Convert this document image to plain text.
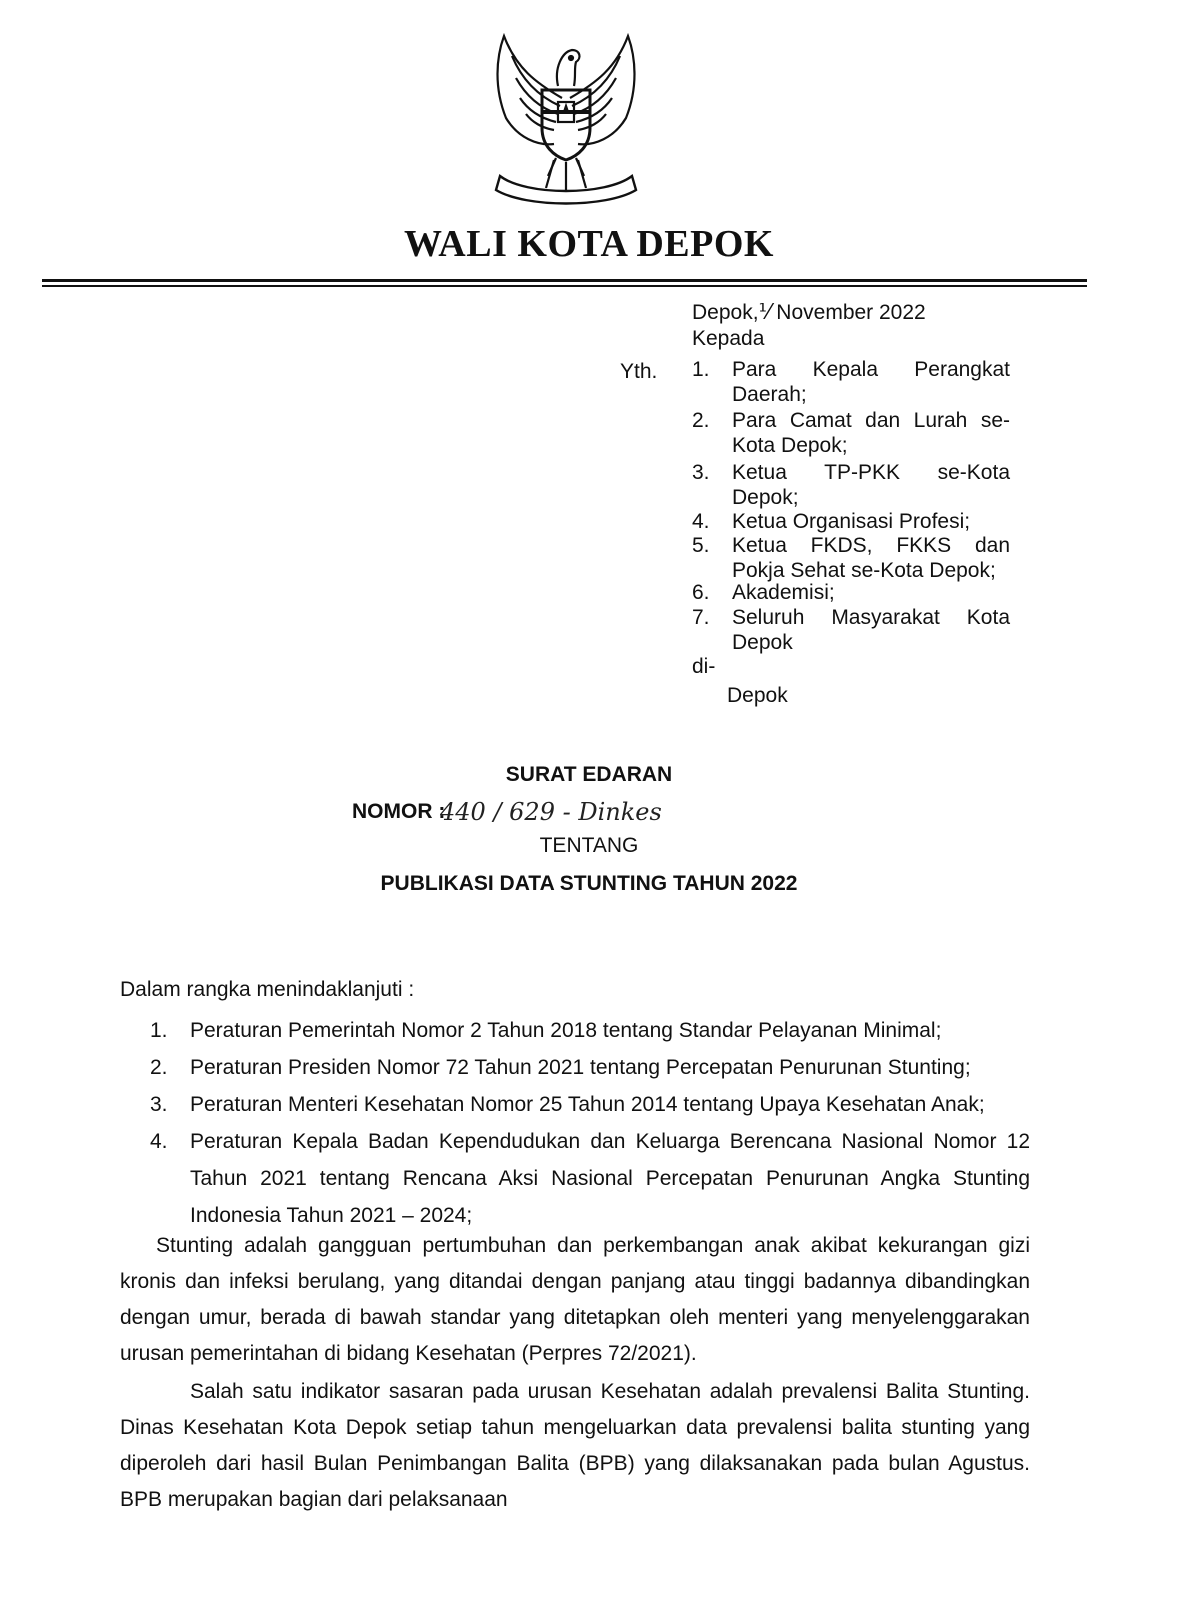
WALI KOTA DEPOK
Depok,⅟ November 2022
Kepada
Yth. 1.	Para Kepala Perangkat
Daerah;
2.	Para Camat dan Lurah se-
Kota Depok;
3.	Ketua TP-PKK se-Kota
Depok;
4.	Ketua Organisasi Profesi;
5.	Ketua FKDS, FKKS dan
Pokja Sehat se-Kota Depok;
6.	Akademisi;
7.	Seluruh Masyarakat Kota
Depok
di-
Depok
SURAT EDARAN
NOMOR :
440 / 629 - Dinkes
TENTANG
PUBLIKASI DATA STUNTING TAHUN 2022
Dalam rangka menindaklanjuti :
1. Peraturan Pemerintah Nomor 2 Tahun 2018 tentang Standar Pelayanan Minimal;
2. Peraturan Presiden Nomor 72 Tahun 2021 tentang Percepatan Penurunan Stunting;
3. Peraturan Menteri Kesehatan Nomor 25 Tahun 2014 tentang Upaya Kesehatan Anak;
4. Peraturan Kepala Badan Kependudukan dan Keluarga Berencana Nasional Nomor 12 Tahun 2021 tentang Rencana Aksi Nasional Percepatan Penurunan Angka Stunting Indonesia Tahun 2021 – 2024;
Stunting adalah gangguan pertumbuhan dan perkembangan anak akibat kekurangan gizi kronis dan infeksi berulang, yang ditandai dengan panjang atau tinggi badannya dibandingkan dengan umur, berada di bawah standar yang ditetapkan oleh menteri yang menyelenggarakan urusan pemerintahan di bidang Kesehatan (Perpres 72/2021).
Salah satu indikator sasaran pada urusan Kesehatan adalah prevalensi Balita Stunting. Dinas Kesehatan Kota Depok setiap tahun mengeluarkan data prevalensi balita stunting yang diperoleh dari hasil Bulan Penimbangan Balita (BPB) yang dilaksanakan pada bulan Agustus. BPB merupakan bagian dari pelaksanaan
